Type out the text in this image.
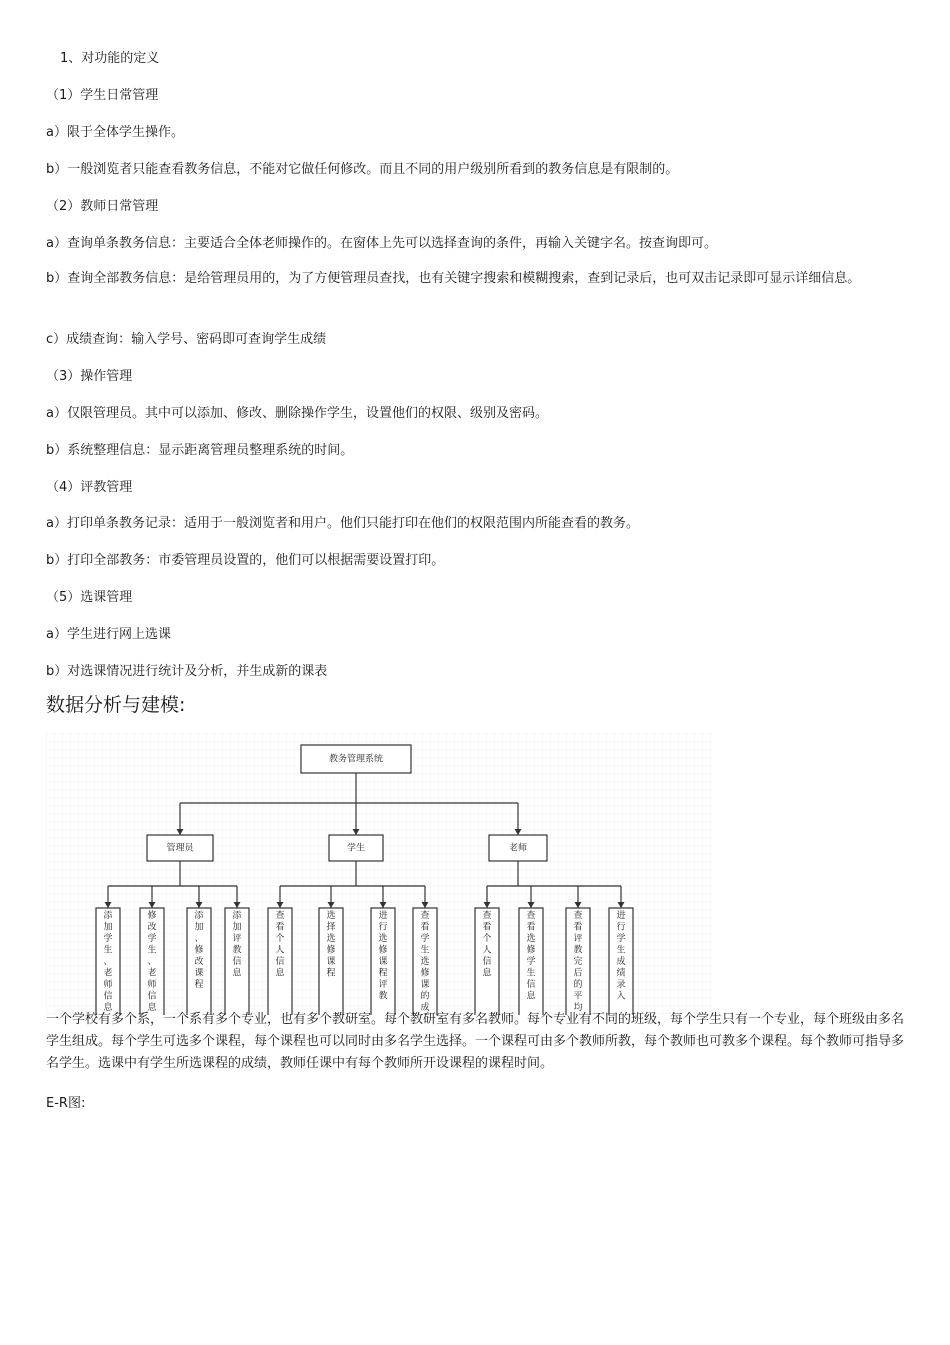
1、对功能的定义
（1）学生日常管理
a）限于全体学生操作。
b）一般浏览者只能查看教务信息，不能对它做任何修改。而且不同的用户级别所看到的教务信息是有限制的。
（2）教师日常管理
a）查询单条教务信息：主要适合全体老师操作的。在窗体上先可以选择查询的条件，再输入关键字名。按查询即可。
b）查询全部教务信息：是给管理员用的，为了方便管理员查找，也有关键字搜索和模糊搜索，查到记录后，也可双击记录即可显示详细信息。
c）成绩查询：输入学号、密码即可查询学生成绩
（3）操作管理
a）仅限管理员。其中可以添加、修改、删除操作学生，设置他们的权限、级别及密码。
b）系统整理信息：显示距离管理员整理系统的时间。
（4）评教管理
a）打印单条教务记录：适用于一般浏览者和用户。他们只能打印在他们的权限范围内所能查看的教务。
b）打印全部教务：市委管理员设置的，他们可以根据需要设置打印。
（5）选课管理
a）学生进行网上选课
b）对选课情况进行统计及分析，并生成新的课表
数据分析与建模:
教务管理系统
管理员
添加学生、老师信息
修改学生、老师信息
添加、修改课程
添加评教信息
学生
查看个人信息
选择选修课程
进行选修课程评教
查看学生选修课的成
老师
查看个人信息
查看选修学生信息
查看评教完后的平均
进行学生成绩录入
一个学校有多个系，一个系有多个专业，也有多个教研室。每个教研室有多名教师。每个专业有不同的班级，每个学生只有一个专业，每个班级由多名学生组成。每个学生可选多个课程，每个课程也可以同时由多名学生选择。一个课程可由多个教师所教，每个教师也可教多个课程。每个教师可指导多名学生。选课中有学生所选课程的成绩，教师任课中有每个教师所开设课程的课程时间。
E-R图:
